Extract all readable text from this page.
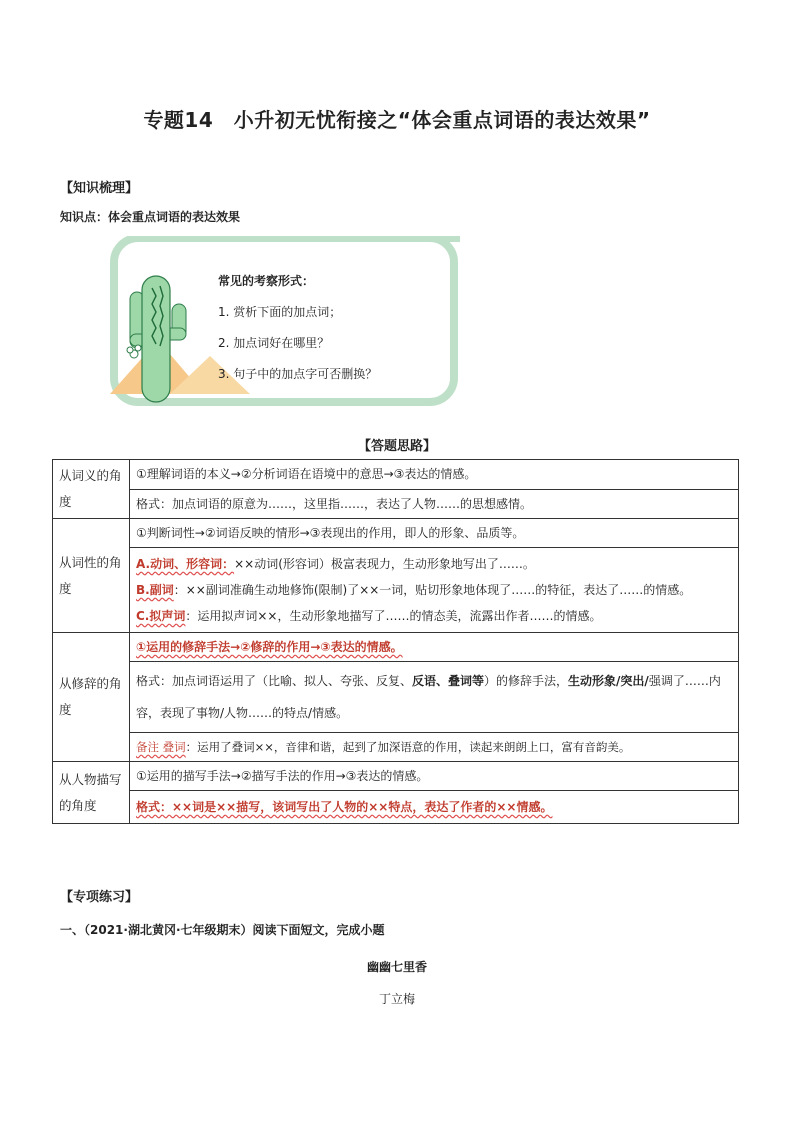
专题14　小升初无忧衔接之“体会重点词语的表达效果”
【知识梳理】
知识点：体会重点词语的表达效果
常见的考察形式：
1. 赏析下面的加点词；
2. 加点词好在哪里？
3. 句子中的加点字可否删换？
【答题思路】
从词义的角度	①理解词语的本义→②分析词语在语境中的意思→③表达的情感。
	格式：加点词语的原意为……，这里指……，表达了人物……的思想感情。
从词性的角度	①判断词性→②词语反映的情形→③表现出的作用，即人的形象、品质等。

	A.动词、形容词：××动词(形容词）极富表现力，生动形象地写出了……。
B.副词：××副词准确生动地修饰(限制)了××一词，贴切形象地体现了……的特征，表达了……的情感。
C.拟声词：运用拟声词××，生动形象地描写了……的情态美，流露出作者……的情感。

从修辞的角度	①运用的修辞手法→②修辞的作用→③表达的情感。
	格式：加点词语运用了（比喻、拟人、夸张、反复、反语、叠词等）的修辞手法，生动形象/突出/强调了……内容，表现了事物/人物……的特点/情感。
	备注 叠词：运用了叠词××，音律和谐，起到了加深语意的作用，读起来朗朗上口，富有音韵美。
从人物描写的角度	①运用的描写手法→②描写手法的作用→③表达的情感。
	格式：××词是××描写，该词写出了人物的××特点，表达了作者的××情感。
【专项练习】
一、（2021·湖北黄冈·七年级期末）阅读下面短文，完成小题
幽幽七里香
丁立梅
